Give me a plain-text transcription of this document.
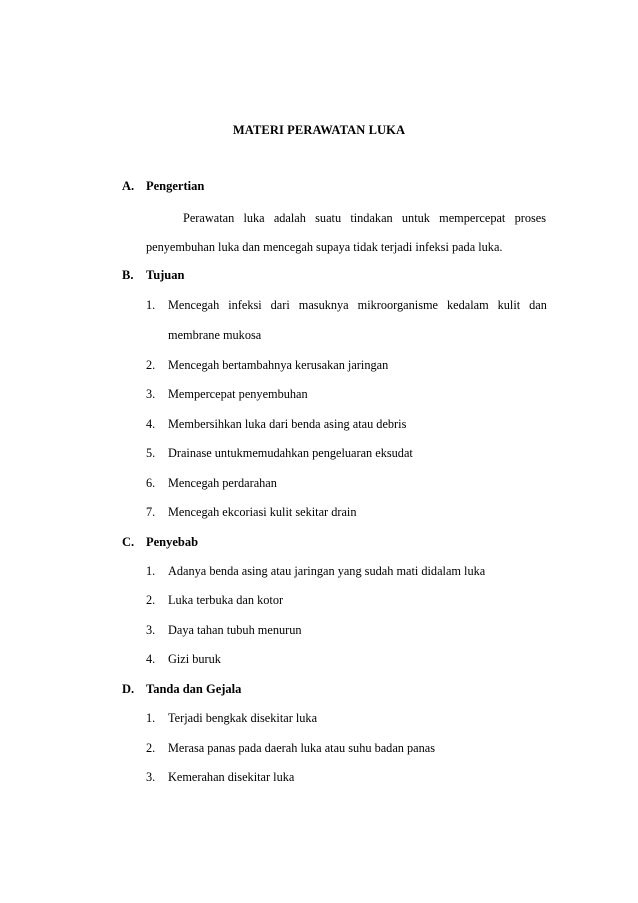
MATERI PERAWATAN LUKA

A. Pengertian

Perawatan luka adalah suatu tindakan untuk mempercepat proses

penyembuhan luka dan mencegah supaya tidak terjadi infeksi pada luka.

B. Tujuan

1. Mencegah infeksi dari masuknya mikroorganisme kedalam kulit dan

membrane mukosa

2. Mencegah bertambahnya kerusakan jaringan
3. Mempercepat penyembuhan
4. Membersihkan luka dari benda asing atau debris
5. Drainase untukmemudahkan pengeluaran eksudat
6. Mencegah perdarahan
7. Mencegah ekcoriasi kulit sekitar drain

C. Penyebab

1. Adanya benda asing atau jaringan yang sudah mati didalam luka
2. Luka terbuka dan kotor
3. Daya tahan tubuh menurun
4. Gizi buruk

D. Tanda dan Gejala

1. Terjadi bengkak disekitar luka
2. Merasa panas pada daerah luka atau suhu badan panas
3. Kemerahan disekitar luka
